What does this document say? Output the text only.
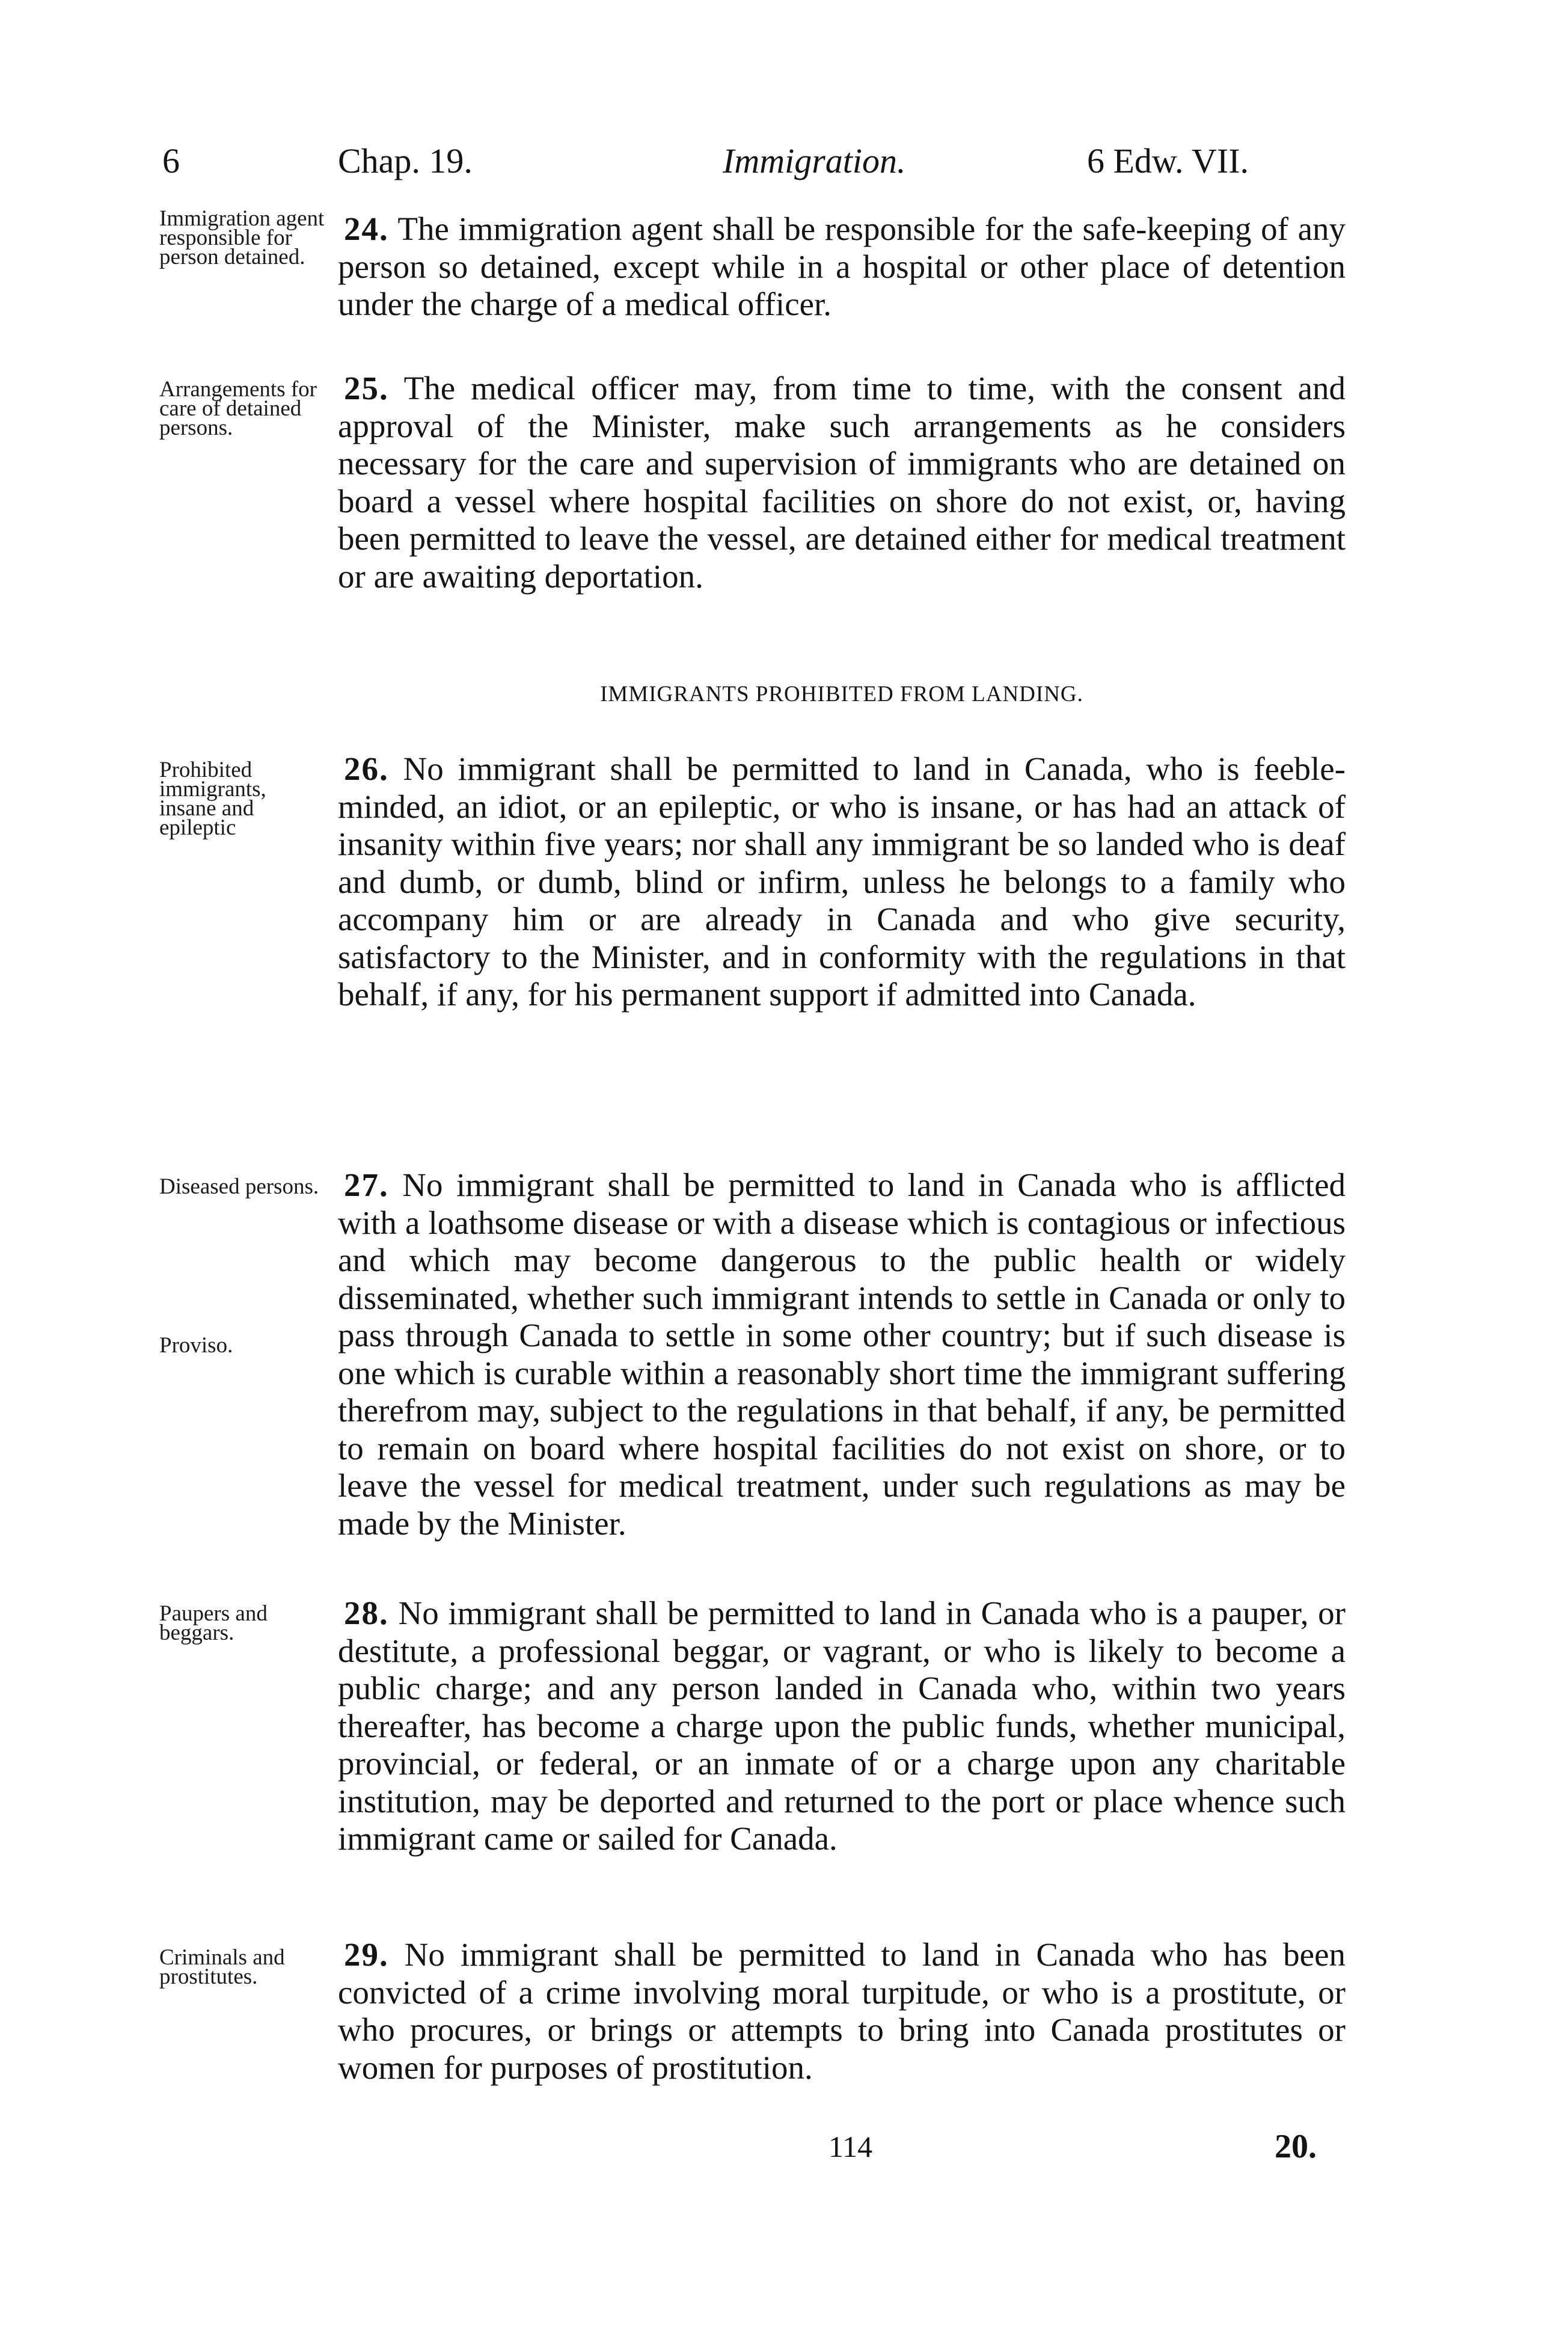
6	Chap. 19.	Immigration.	6 Edw. VII.
Immigration agent responsible for person detained.
24. The immigration agent shall be responsible for the safe-keeping of any person so detained, except while in a hospital or other place of detention under the charge of a medical officer.
Arrangements for care of detained persons.
25. The medical officer may, from time to time, with the consent and approval of the Minister, make such arrangements as he considers necessary for the care and supervision of immigrants who are detained on board a vessel where hospital facilities on shore do not exist, or, having been permitted to leave the vessel, are detained either for medical treatment or are awaiting deportation.
IMMIGRANTS PROHIBITED FROM LANDING.
Prohibited immigrants, insane and epileptic
26. No immigrant shall be permitted to land in Canada, who is feeble-minded, an idiot, or an epileptic, or who is insane, or has had an attack of insanity within five years; nor shall any immigrant be so landed who is deaf and dumb, or dumb, blind or infirm, unless he belongs to a family who accompany him or are already in Canada and who give security, satisfactory to the Minister, and in conformity with the regulations in that behalf, if any, for his permanent support if admitted into Canada.
Diseased persons.
Proviso.
27. No immigrant shall be permitted to land in Canada who is afflicted with a loathsome disease or with a disease which is contagious or infectious and which may become dangerous to the public health or widely disseminated, whether such immigrant intends to settle in Canada or only to pass through Canada to settle in some other country; but if such disease is one which is curable within a reasonably short time the immigrant suffering therefrom may, subject to the regulations in that behalf, if any, be permitted to remain on board where hospital facilities do not exist on shore, or to leave the vessel for medical treatment, under such regulations as may be made by the Minister.
Paupers and beggars.
28. No immigrant shall be permitted to land in Canada who is a pauper, or destitute, a professional beggar, or vagrant, or who is likely to become a public charge; and any person landed in Canada who, within two years thereafter, has become a charge upon the public funds, whether municipal, provincial, or federal, or an inmate of or a charge upon any charitable institution, may be deported and returned to the port or place whence such immigrant came or sailed for Canada.
Criminals and prostitutes.
29. No immigrant shall be permitted to land in Canada who has been convicted of a crime involving moral turpitude, or who is a prostitute, or who procures, or brings or attempts to bring into Canada prostitutes or women for purposes of prostitution.
114	20.
